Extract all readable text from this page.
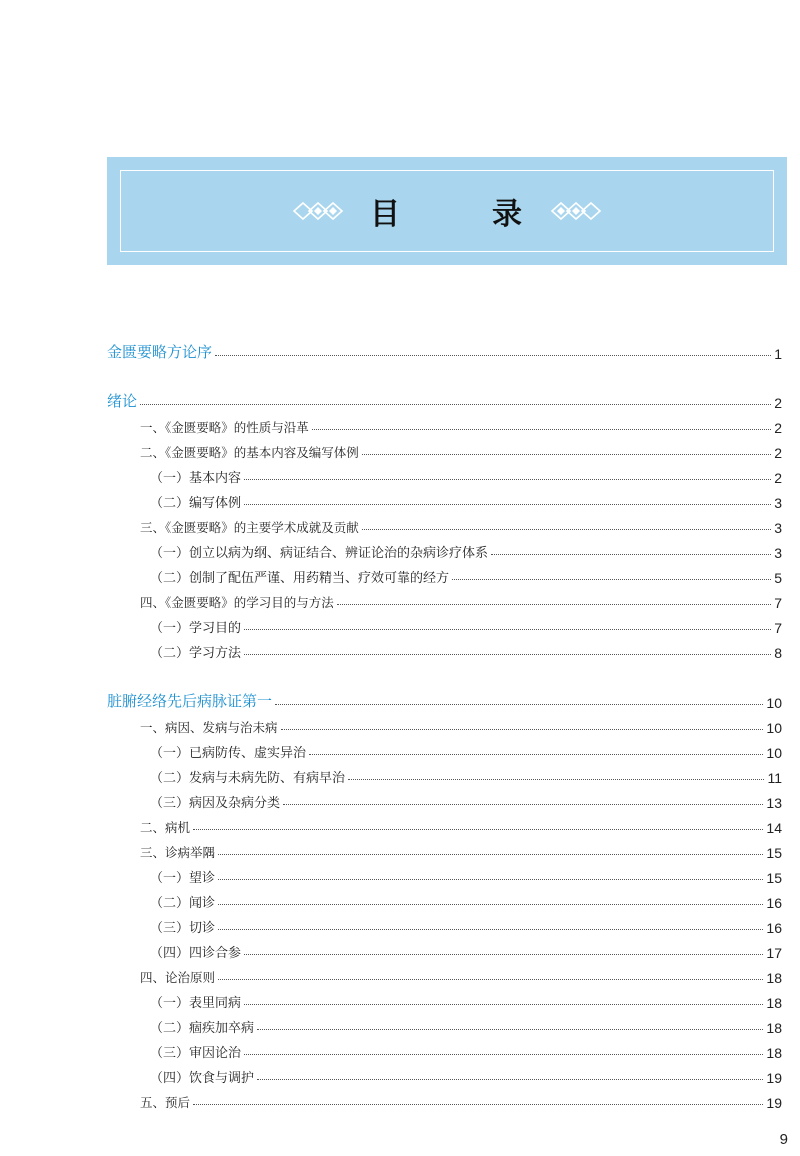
目	录
金匮要略方论序	1
绪论	2
一、《金匮要略》的性质与沿革	2
二、《金匮要略》的基本内容及编写体例	2
（一）基本内容	2
（二）编写体例	3
三、《金匮要略》的主要学术成就及贡献	3
（一）创立以病为纲、病证结合、辨证论治的杂病诊疗体系	3
（二）创制了配伍严谨、用药精当、疗效可靠的经方	5
四、《金匮要略》的学习目的与方法	7
（一）学习目的	7
（二）学习方法	8
脏腑经络先后病脉证第一	10
一、病因、发病与治未病	10
（一）已病防传、虚实异治	10
（二）发病与未病先防、有病早治	11
（三）病因及杂病分类	13
二、病机	14
三、诊病举隅	15
（一）望诊	15
（二）闻诊	16
（三）切诊	16
（四）四诊合参	17
四、论治原则	18
（一）表里同病	18
（二）痼疾加卒病	18
（三）审因论治	18
（四）饮食与调护	19
五、预后	19
9
